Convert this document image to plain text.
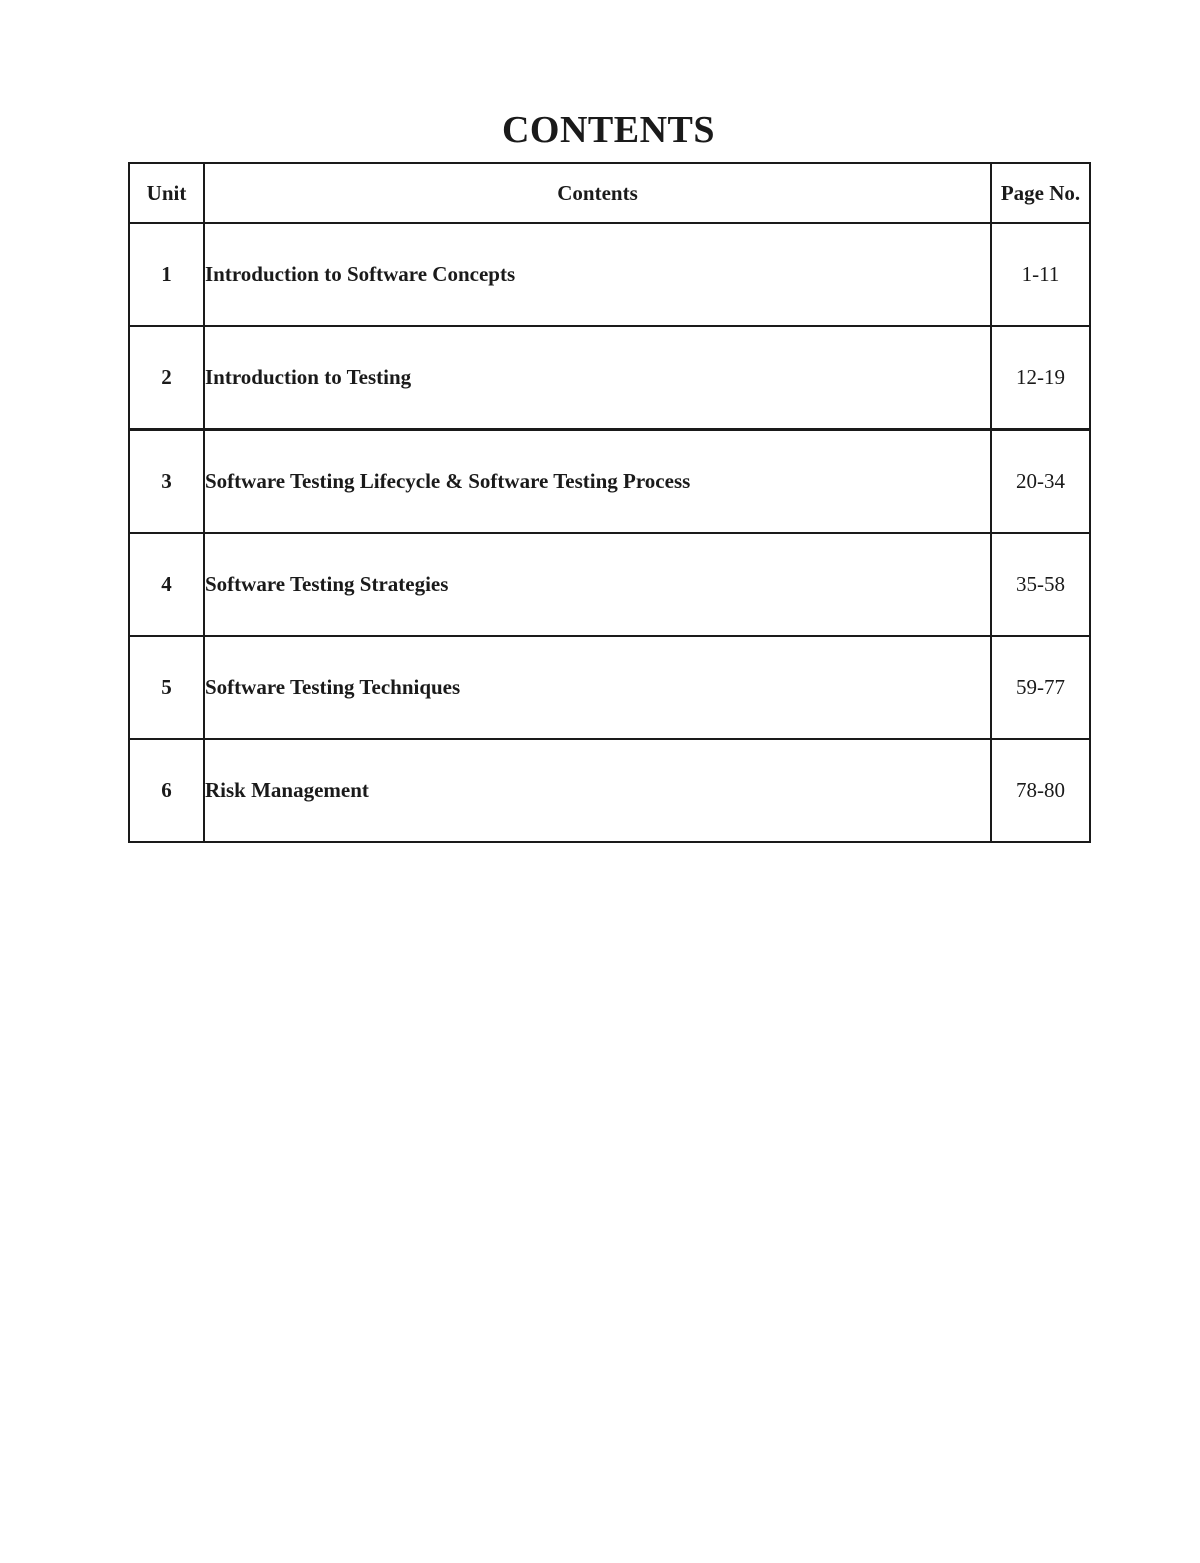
CONTENTS
Unit	Contents	Page No.
1	Introduction to Software Concepts	1-11
2	Introduction to Testing	12-19
3	Software Testing Lifecycle & Software Testing Process	20-34
4	Software Testing Strategies	35-58
5	Software Testing Techniques	59-77
6	Risk Management	78-80
